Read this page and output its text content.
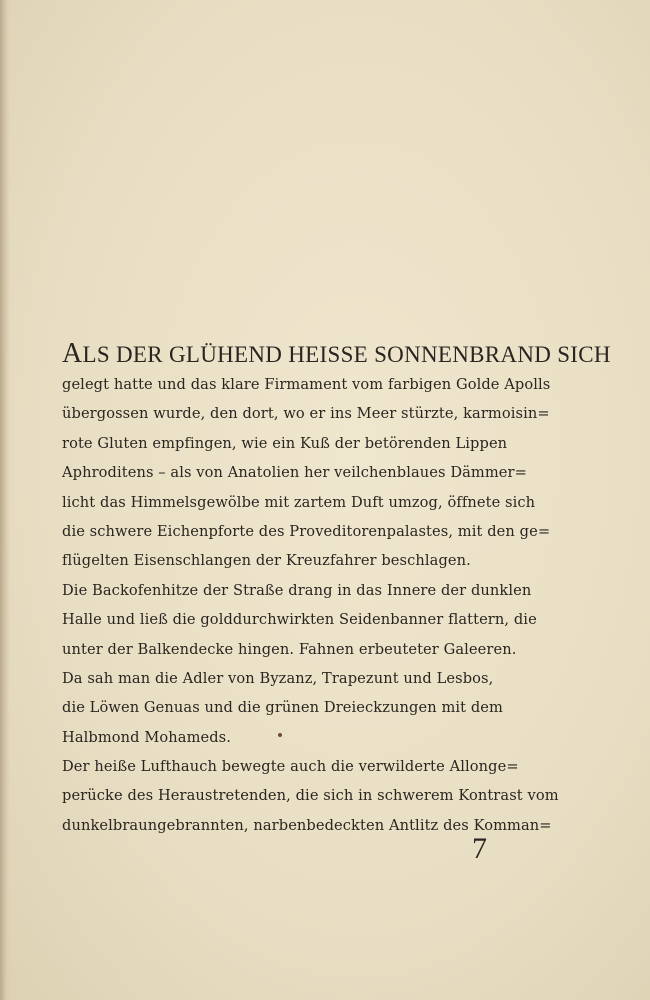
ALS DER GLÜHEND HEISSE SONNENBRAND SICH
gelegt hatte und das klare Firmament vom farbigen Golde Apolls
übergossen wurde, den dort, wo er ins Meer stürzte, karmoisin=
rote Gluten empfingen, wie ein Kuß der betörenden Lippen
Aphroditens – als von Anatolien her veilchenblaues Dämmer=
licht das Himmelsgewölbe mit zartem Duft umzog, öffnete sich
die schwere Eichenpforte des Proveditorenpalastes, mit den ge=
flügelten Eisenschlangen der Kreuzfahrer beschlagen.
Die Backofenhitze der Straße drang in das Innere der dunklen
Halle und ließ die golddurchwirkten Seidenbanner flattern, die
unter der Balkendecke hingen. Fahnen erbeuteter Galeeren.
Da sah man die Adler von Byzanz, Trapezunt und Lesbos,
die Löwen Genuas und die grünen Dreieckzungen mit dem
Halbmond Mohameds.
Der heiße Lufthauch bewegte auch die verwilderte Allonge=
perücke des Heraustretenden, die sich in schwerem Kontrast vom
dunkelbraungebrannten, narbenbedeckten Antlitz des Komman=
7
